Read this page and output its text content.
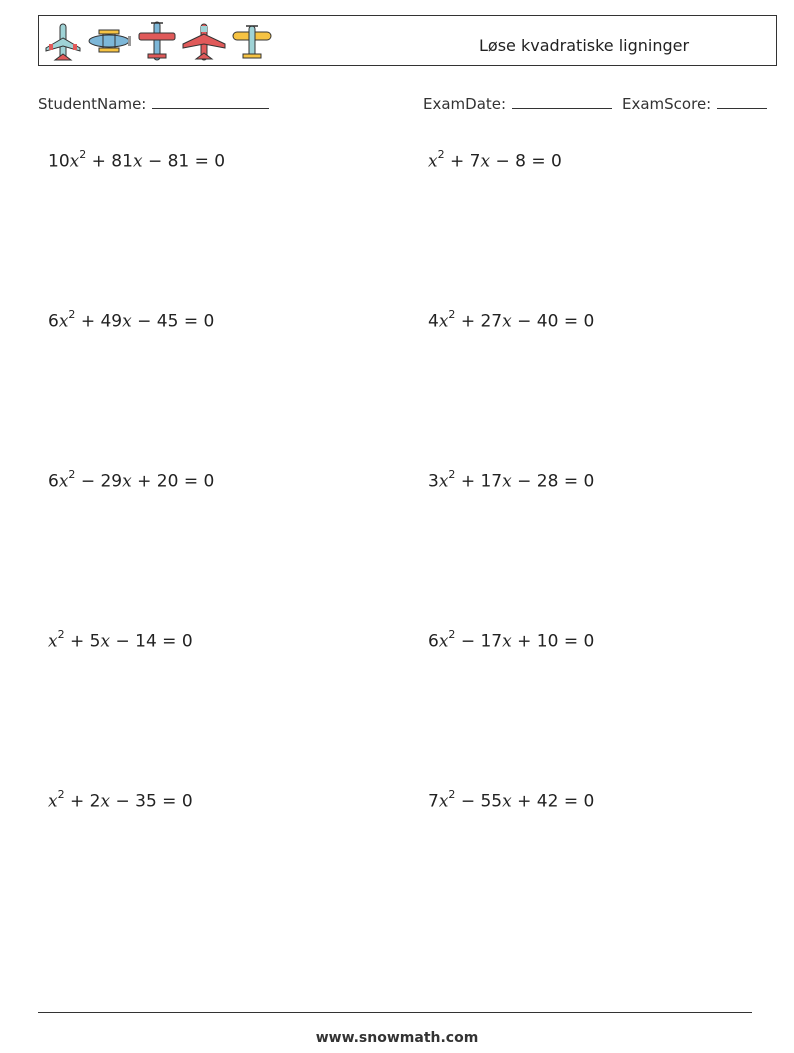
Løse kvadratiske ligninger
StudentName:	ExamDate:	ExamScore:
$10x^2 + 81x - 81 = 0$	$x^2 + 7x - 8 = 0$
$6x^2 + 49x - 45 = 0$	$4x^2 + 27x - 40 = 0$
$6x^2 - 29x + 20 = 0$	$3x^2 + 17x - 28 = 0$
$x^2 + 5x - 14 = 0$	$6x^2 - 17x + 10 = 0$
$x^2 + 2x - 35 = 0$	$7x^2 - 55x + 42 = 0$
www.snowmath.com
